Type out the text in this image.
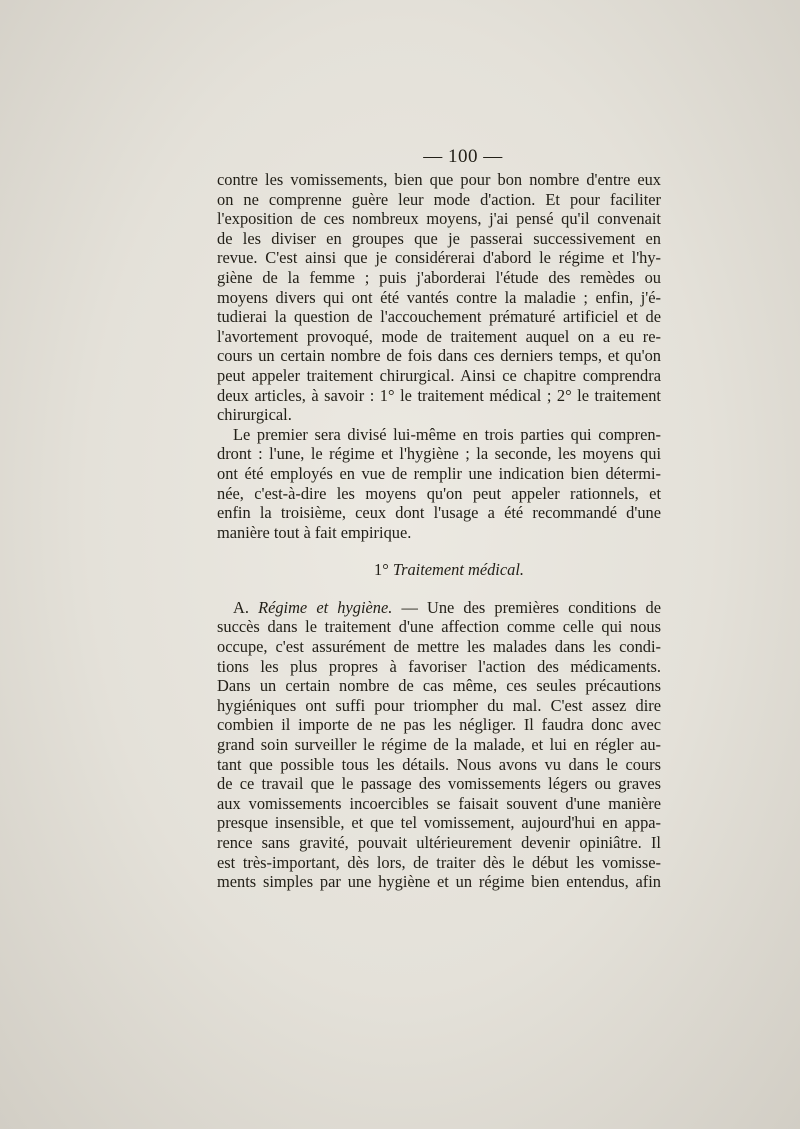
— 100 —
contre les vomissements, bien que pour bon nombre d'entre eux
on ne comprenne guère leur mode d'action. Et pour faciliter
l'exposition de ces nombreux moyens, j'ai pensé qu'il convenait
de les diviser en groupes que je passerai successivement en
revue. C'est ainsi que je considérerai d'abord le régime et l'hy-
giène de la femme ; puis j'aborderai l'étude des remèdes ou
moyens divers qui ont été vantés contre la maladie ; enfin, j'é-
tudierai la question de l'accouchement prématuré artificiel et de
l'avortement provoqué, mode de traitement auquel on a eu re-
cours un certain nombre de fois dans ces derniers temps, et qu'on
peut appeler traitement chirurgical. Ainsi ce chapitre comprendra
deux articles, à savoir : 1° le traitement médical ; 2° le traitement
chirurgical.
Le premier sera divisé lui-même en trois parties qui compren-
dront : l'une, le régime et l'hygiène ; la seconde, les moyens qui
ont été employés en vue de remplir une indication bien détermi-
née, c'est-à-dire les moyens qu'on peut appeler rationnels, et
enfin la troisième, ceux dont l'usage a été recommandé d'une
manière tout à fait empirique.
1° Traitement médical.
A. Régime et hygiène. — Une des premières conditions de
succès dans le traitement d'une affection comme celle qui nous
occupe, c'est assurément de mettre les malades dans les condi-
tions les plus propres à favoriser l'action des médicaments.
Dans un certain nombre de cas même, ces seules précautions
hygiéniques ont suffi pour triompher du mal. C'est assez dire
combien il importe de ne pas les négliger. Il faudra donc avec
grand soin surveiller le régime de la malade, et lui en régler au-
tant que possible tous les détails. Nous avons vu dans le cours
de ce travail que le passage des vomissements légers ou graves
aux vomissements incoercibles se faisait souvent d'une manière
presque insensible, et que tel vomissement, aujourd'hui en appa-
rence sans gravité, pouvait ultérieurement devenir opiniâtre. Il
est très-important, dès lors, de traiter dès le début les vomisse-
ments simples par une hygiène et un régime bien entendus, afin
